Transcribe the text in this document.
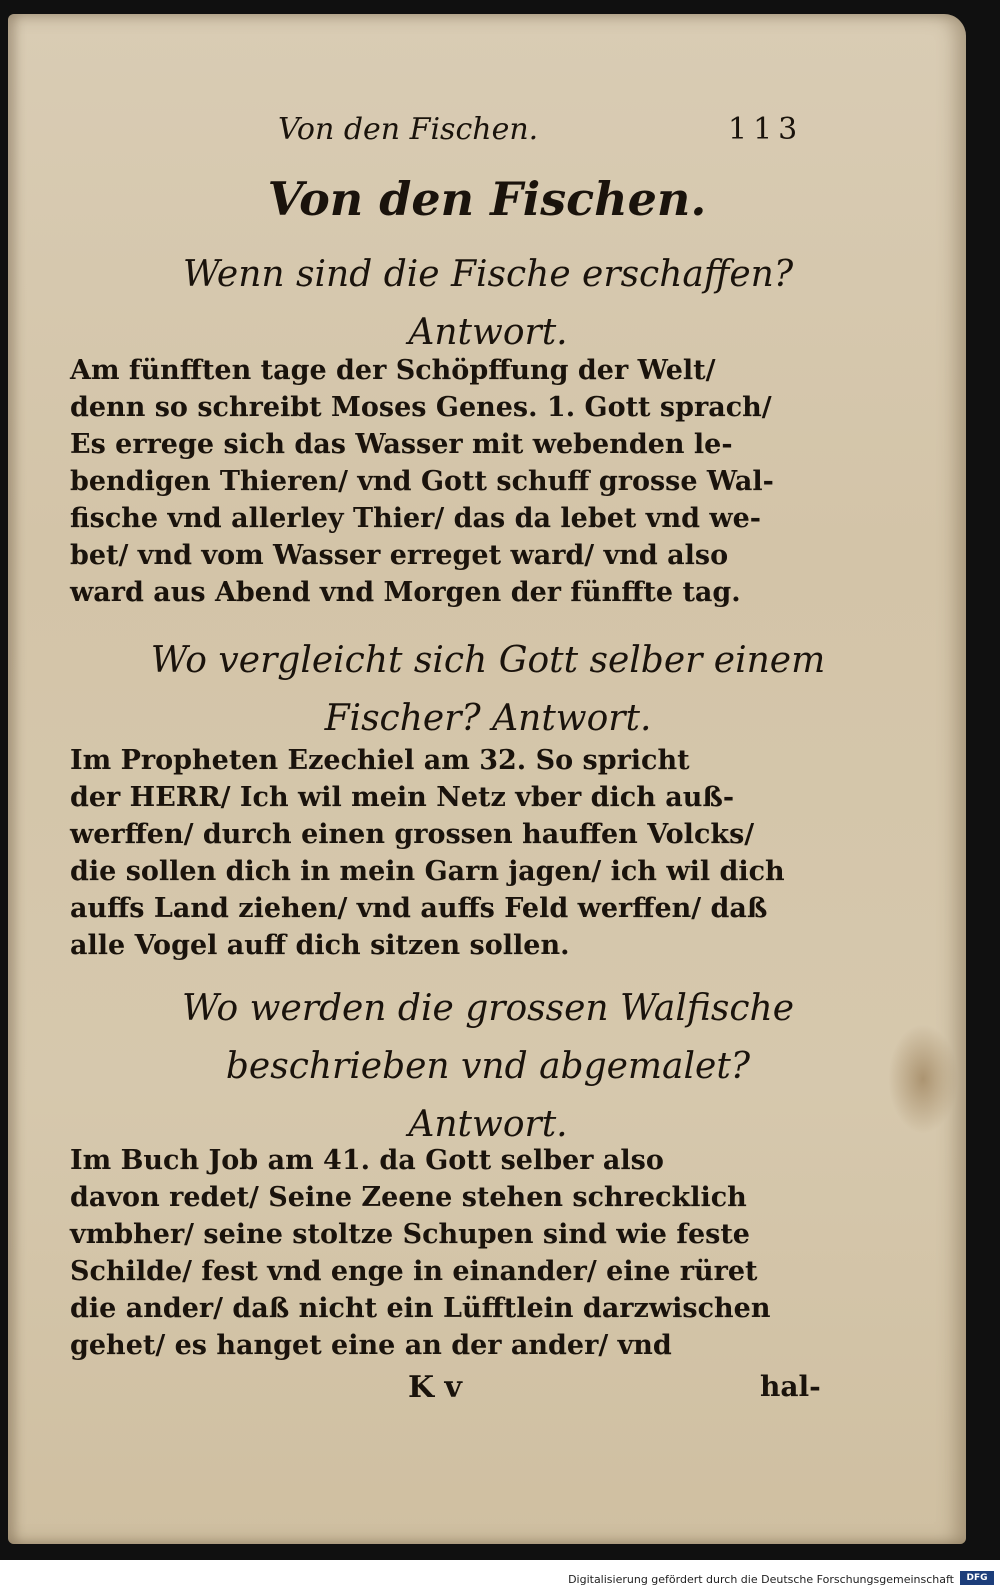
Von den Fischen.	113
Von den Fischen.
Wenn sind die Fische erschaffen?
Antwort.
Am fünfften tage der Schöpffung der Welt/
denn so schreibt Moses Genes. 1. Gott sprach/
Es errege sich das Wasser mit webenden le-
bendigen Thieren/ vnd Gott schuff grosse Wal-
fische vnd allerley Thier/ das da lebet vnd we-
bet/ vnd vom Wasser erreget ward/ vnd also
ward aus Abend vnd Morgen der fünffte tag.
Wo vergleicht sich Gott selber einem
Fischer? Antwort.
Im Propheten Ezechiel am 32. So spricht
der HERR/ Ich wil mein Netz vber dich auß-
werffen/ durch einen grossen hauffen Volcks/
die sollen dich in mein Garn jagen/ ich wil dich
auffs Land ziehen/ vnd auffs Feld werffen/ daß
alle Vogel auff dich sitzen sollen.
Wo werden die grossen Walfische
beschrieben vnd abgemalet?
Antwort.
Im Buch Job am 41. da Gott selber also
davon redet/ Seine Zeene stehen schrecklich
vmbher/ seine stoltze Schupen sind wie feste
Schilde/ fest vnd enge in einander/ eine rüret
die ander/ daß nicht ein Lüfftlein darzwischen
gehet/ es hanget eine an der ander/ vnd
K v	hal-
Digitalisierung gefördert durch die Deutsche Forschungsgemeinschaft	DFG
